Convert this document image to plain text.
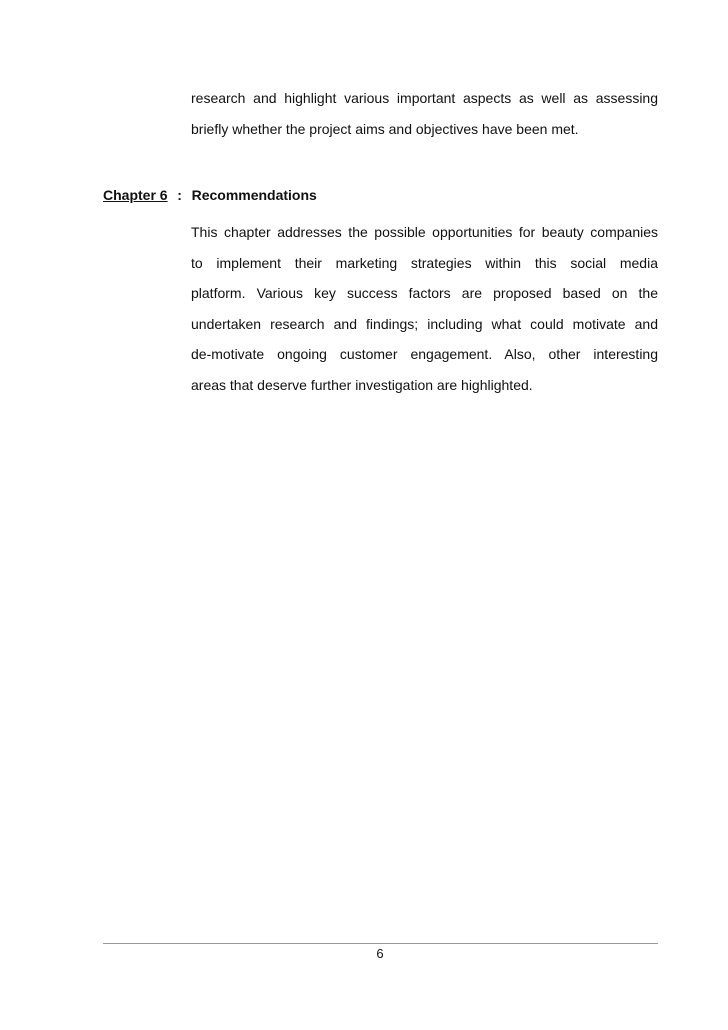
research and highlight various important aspects as well as assessing
briefly whether the project aims and objectives have been met.
Chapter 6 : Recommendations
This chapter addresses the possible opportunities for beauty companies
to implement their marketing strategies within this social media
platform. Various key success factors are proposed based on the
undertaken research and findings; including what could motivate and
de-motivate ongoing customer engagement. Also, other interesting
areas that deserve further investigation are highlighted.
6
